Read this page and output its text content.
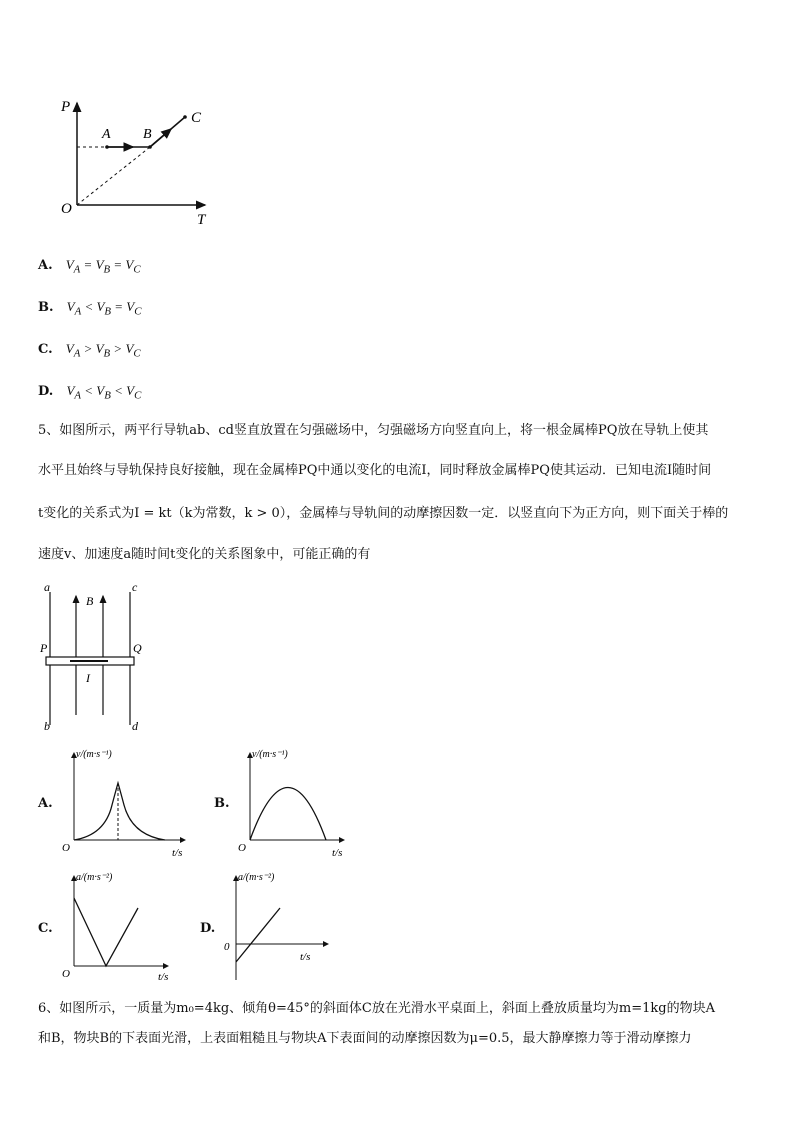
P
A B
C
O
T
A. $V_A = V_B = V_C$
B. $V_A < V_B = V_C$
C. $V_A > V_B > V_C$
D. $V_A < V_B < V_C$
5、如图所示，两平行导轨ab、cd竖直放置在匀强磁场中，匀强磁场方向竖直向上，将一根金属棒PQ放在导轨上使其
水平且始终与导轨保持良好接触，现在金属棒PQ中通以变化的电流I，同时释放金属棒PQ使其运动．已知电流I随时间
t变化的关系式为I = kt（k为常数，k > 0），金属棒与导轨间的动摩擦因数一定．以竖直向下为正方向，则下面关于棒的
速度v、加速度a随时间t变化的关系图象中，可能正确的有
a	c
B
P	Q
I
b	d
A.
v/(m·s⁻¹)
t/s
O
B.
v/(m·s⁻¹)
t/s
O
C.
a/(m·s⁻²)
t/s
O
D.
a/(m·s⁻²)
t/s
0
6、如图所示，一质量为m₀=4kg、倾角θ=45°的斜面体C放在光滑水平桌面上，斜面上叠放质量均为m=1kg的物块A
和B，物块B的下表面光滑，上表面粗糙且与物块A下表面间的动摩擦因数为μ=0.5，最大静摩擦力等于滑动摩擦力
